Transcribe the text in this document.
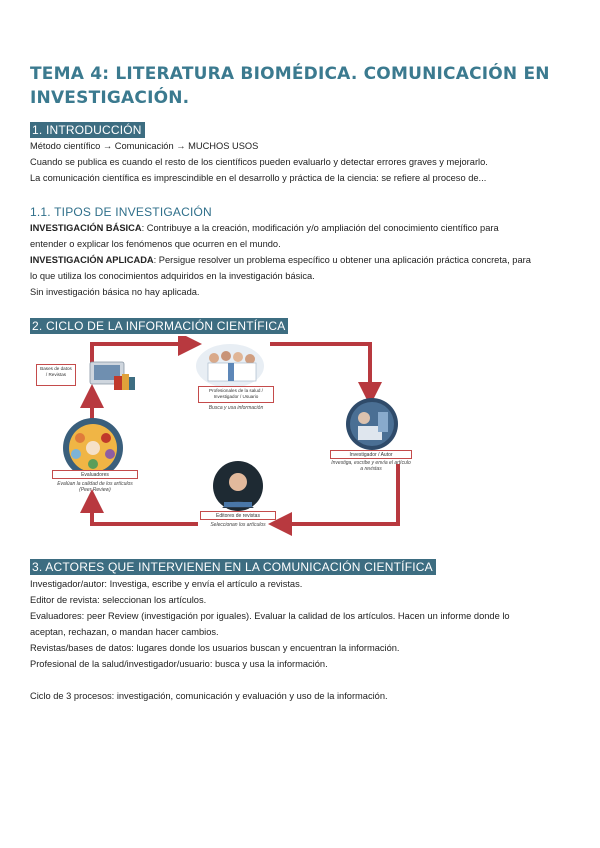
TEMA 4: LITERATURA BIOMÉDICA. COMUNICACIÓN EN
INVESTIGACIÓN.
1. INTRODUCCIÓN
Método científico → Comunicación → MUCHOS USOS
Cuando se publica es cuando el resto de los científicos pueden evaluarlo y detectar errores graves y mejorarlo.
La comunicación científica es imprescindible en el desarrollo y práctica de la ciencia: se refiere al proceso de...
1.1. TIPOS DE INVESTIGACIÓN
INVESTIGACIÓN BÁSICA: Contribuye a la creación, modificación y/o ampliación del conocimiento científico para
entender o explicar los fenómenos que ocurren en el mundo.
INVESTIGACIÓN APLICADA: Persigue resolver un problema específico u obtener una aplicación práctica concreta, para
lo que utiliza los conocimientos adquiridos en la investigación básica.
Sin investigación básica no hay aplicada.
2. CICLO DE LA INFORMACIÓN CIENTÍFICA
Bases de datos / Revistas
Profesionales de la salud / Investigador / Usuario
Busca y usa información
Investigador / Autor
Investiga, escribe y envía el artículo a revistas
Editores de revistas
Seleccionan los artículos
Evaluadores
Evalúan la calidad de los artículos (Peer Review)
3. ACTORES QUE INTERVIENEN EN LA COMUNICACIÓN CIENTÍFICA
Investigador/autor: Investiga, escribe y envía el artículo a revistas.
Editor de revista: seleccionan los artículos.
Evaluadores: peer Review (investigación por iguales). Evaluar la calidad de los artículos. Hacen un informe donde lo
aceptan, rechazan, o mandan hacer cambios.
Revistas/bases de datos: lugares donde los usuarios buscan y encuentran la información.
Profesional de la salud/investigador/usuario: busca y usa la información.
Ciclo de 3 procesos: investigación, comunicación y evaluación y uso de la información.
